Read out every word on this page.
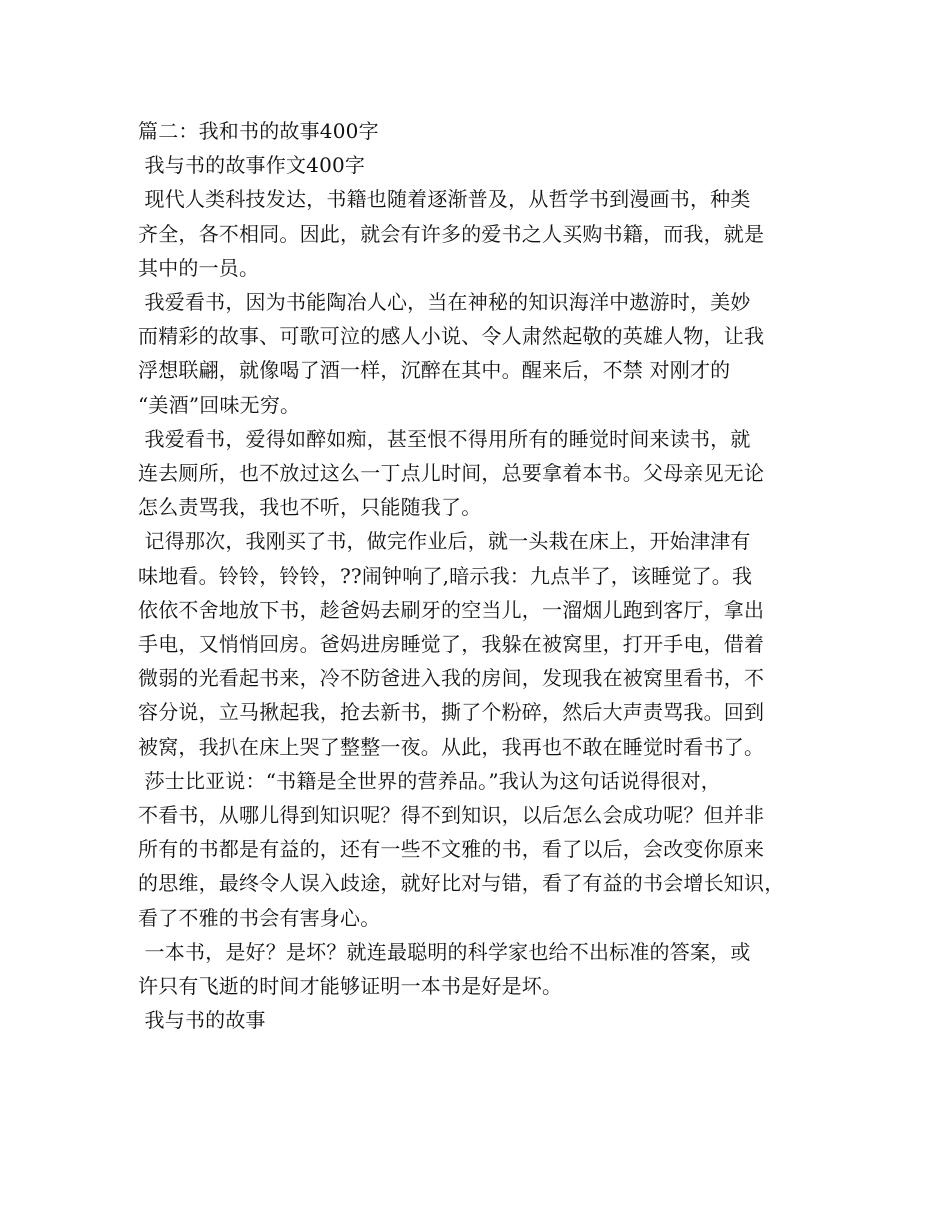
篇二：我和书的故事400字
我与书的故事作文400字
现代人类科技发达，书籍也随着逐渐普及，从哲学书到漫画书，种类
齐全，各不相同。因此，就会有许多的爱书之人买购书籍，而我，就是
其中的一员。
我爱看书，因为书能陶冶人心，当在神秘的知识海洋中遨游时，美妙
而精彩的故事、可歌可泣的感人小说、令人肃然起敬的英雄人物，让我
浮想联翩，就像喝了酒一样，沉醉在其中。醒来后，不禁 对刚才的
“美酒”回味无穷。
我爱看书，爱得如醉如痴，甚至恨不得用所有的睡觉时间来读书，就
连去厕所，也不放过这么一丁点儿时间，总要拿着本书。父母亲见无论
怎么责骂我，我也不听，只能随我了。
记得那次，我刚买了书，做完作业后，就一头栽在床上，开始津津有
味地看。铃铃，铃铃，??闹钟响了,暗示我：九点半了，该睡觉了。我
依依不舍地放下书，趁爸妈去刷牙的空当儿，一溜烟儿跑到客厅，拿出
手电，又悄悄回房。爸妈进房睡觉了，我躲在被窝里，打开手电，借着
微弱的光看起书来，冷不防爸进入我的房间，发现我在被窝里看书，不
容分说，立马揪起我，抢去新书，撕了个粉碎，然后大声责骂我。回到
被窝，我扒在床上哭了整整一夜。从此，我再也不敢在睡觉时看书了。
莎士比亚说：“书籍是全世界的营养品。”我认为这句话说得很对，
不看书，从哪儿得到知识呢？得不到知识，以后怎么会成功呢？但并非
所有的书都是有益的，还有一些不文雅的书，看了以后，会改变你原来
的思维，最终令人误入歧途，就好比对与错，看了有益的书会增长知识，
看了不雅的书会有害身心。
一本书，是好？是坏？就连最聪明的科学家也给不出标准的答案，或
许只有飞逝的时间才能够证明一本书是好是坏。
我与书的故事
